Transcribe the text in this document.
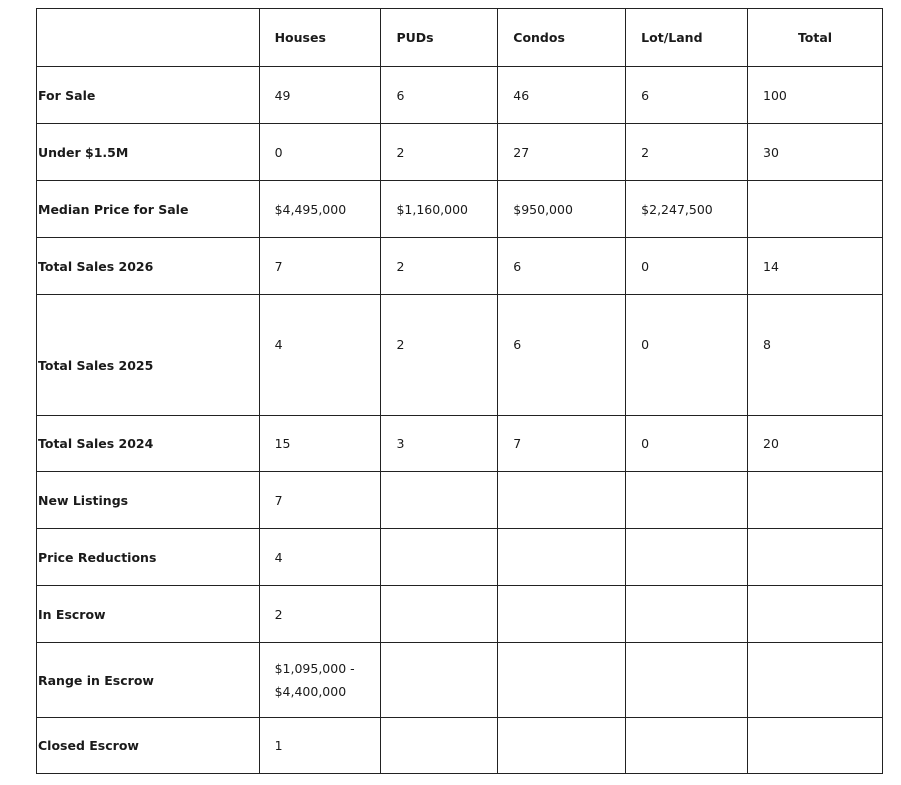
	Houses	PUDs	Condos	Lot/Land	Total
For Sale	49	6	46	6	100
Under $1.5M	0	2	27	2	30
Median Price for Sale	$4,495,000	$1,160,000	$950,000	$2,247,500	
Total Sales 2026	7	2	6	0	14
Total Sales 2025	4	2	6	0	8

Total Sales 2024	15	3	7	0	20
New Listings	7				
Price Reductions	4				
In Escrow	2				
Range in Escrow	$1,095,000 -
$4,400,000				

Closed Escrow	1				
